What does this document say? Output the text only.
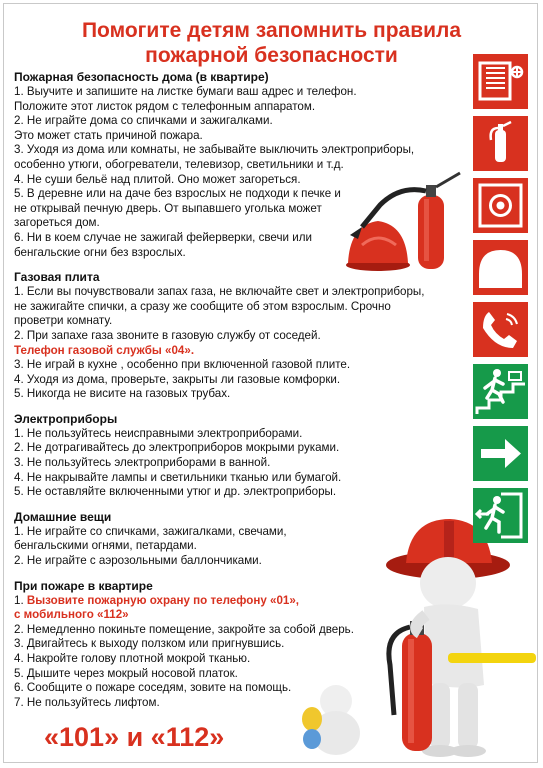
Помогите детям запомнить правила
пожарной безопасности
Пожарная безопасность дома (в квартире)
1. Выучите и запишите на листке бумаги ваш адрес и телефон.
Положите этот листок рядом с телефонным аппаратом.
2. Не играйте дома со спичками и зажигалками.
Это может стать причиной пожара.
3. Уходя из дома или комнаты, не забывайте выключить электроприборы,
особенно утюги, обогреватели, телевизор, светильники и т.д.
4. Не суши бельё над плитой. Оно может загореться.
5. В деревне или на даче без взрослых не подходи к печке и
не открывай печную дверь. От выпавшего уголька может
загореться дом.
6. Ни в коем случае не зажигай фейерверки, свечи или
бенгальские огни без взрослых.
Газовая плита
1. Если вы почувствовали запах газа, не включайте свет и электроприборы,
не зажигайте спички, а сразу же сообщите об этом взрослым. Срочно
проветри комнату.
2. При запахе газа звоните в газовую службу от соседей.
Телефон газовой службы «04».
3. Не играй в кухне , особенно при включенной газовой плите.
4. Уходя из дома, проверьте, закрыты ли газовые комфорки.
5. Никогда не висите на газовых трубах.
Электроприборы
1. Не пользуйтесь неисправными электроприборами.
2. Не дотрагивайтесь до электроприборов мокрыми руками.
3. Не пользуйтесь электроприборами в ванной.
4. Не накрывайте лампы и светильники тканью или бумагой.
5. Не оставляйте включенными утюг и др. электроприборы.
Домашние вещи
1. Не играйте со спичками, зажигалками, свечами,
бенгальскими огнями, петардами.
2. Не играйте с аэрозольными баллончиками.
При пожаре в квартире
1. Вызовите пожарную охрану по телефону «01»,
с мобильного «112»
2. Немедленно покиньте помещение, закройте за собой дверь.
3. Двигайтесь к выходу ползком или пригнувшись.
4. Накройте голову плотной мокрой тканью.
5. Дышите через мокрый носовой платок.
6. Сообщите о пожаре соседям, зовите на помощь.
7. Не пользуйтесь лифтом.
«101» и «112»
